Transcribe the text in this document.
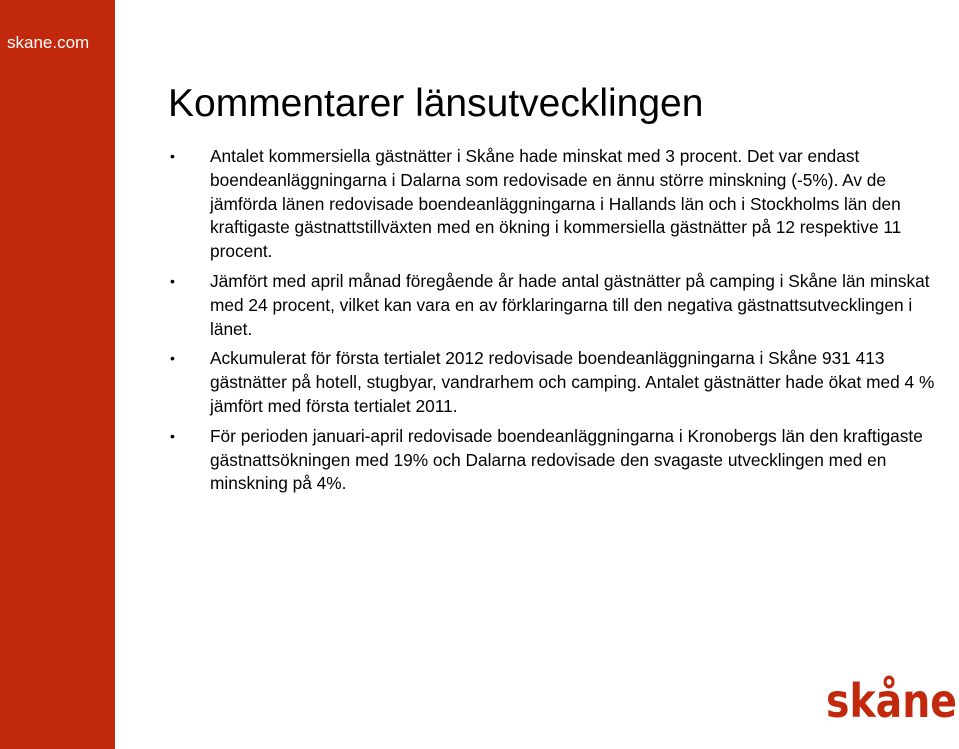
skane.com
Kommentarer länsutvecklingen
• Antalet kommersiella gästnätter i Skåne hade minskat med 3 procent. Det var endast boendeanläggningarna i Dalarna som redovisade en ännu större minskning (-5%). Av de jämförda länen redovisade boendeanläggningarna i Hallands län och i Stockholms län den kraftigaste gästnattstillväxten med en ökning i kommersiella gästnätter på 12 respektive 11 procent.
• Jämfört med april månad föregående år hade antal gästnätter på camping i Skåne län minskat med 24 procent, vilket kan vara en av förklaringarna till den negativa gästnattsutvecklingen i länet.
• Ackumulerat för första tertialet 2012 redovisade boendeanläggningarna i Skåne 931 413 gästnätter på hotell, stugbyar, vandrarhem och camping. Antalet gästnätter hade ökat med 4 % jämfört med första tertialet 2011.
• För perioden januari-april redovisade boendeanläggningarna i Kronobergs län den kraftigaste gästnattsökningen med 19% och Dalarna redovisade den svagaste utvecklingen med en minskning på 4%.
skåne
